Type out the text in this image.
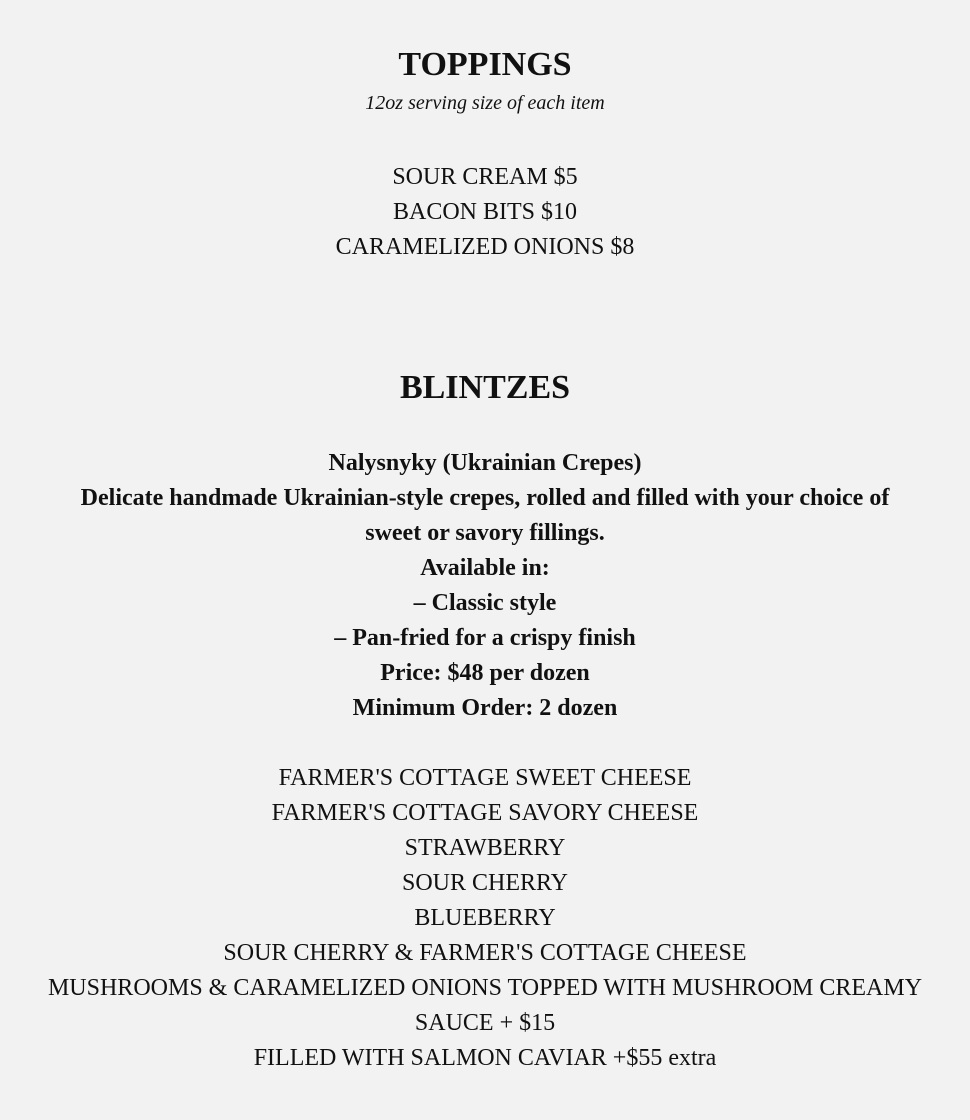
TOPPINGS
12oz serving size of each item
SOUR CREAM $5
BACON BITS $10
CARAMELIZED ONIONS $8
BLINTZES
Nalysnyky (Ukrainian Crepes)
Delicate handmade Ukrainian-style crepes, rolled and filled with your choice of sweet or savory fillings.
Available in:
– Classic style
– Pan-fried for a crispy finish
Price: $48 per dozen
Minimum Order: 2 dozen
FARMER'S COTTAGE SWEET CHEESE
FARMER'S COTTAGE SAVORY CHEESE
STRAWBERRY
SOUR CHERRY
BLUEBERRY
SOUR CHERRY & FARMER'S COTTAGE CHEESE
MUSHROOMS & CARAMELIZED ONIONS TOPPED WITH MUSHROOM CREAMY SAUCE + $15
FILLED WITH SALMON CAVIAR +$55 extra
